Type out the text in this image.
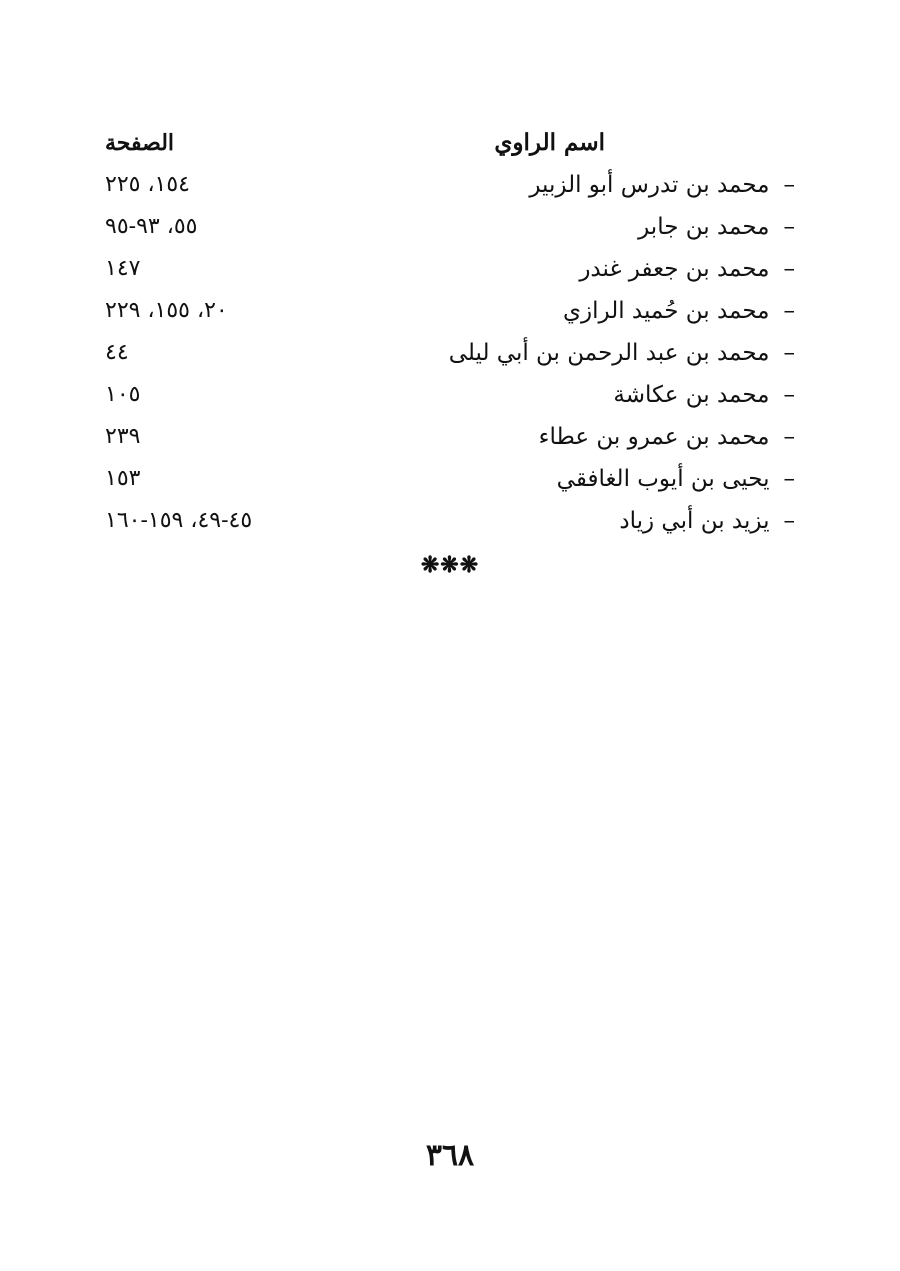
اسم الراوي
الصفحة
–محمد بن تدرس أبو الزبير
١٥٤، ٢٢٥
–محمد بن جابر
٥٥، ٩٣-٩٥
–محمد بن جعفر غندر
١٤٧
–محمد بن حُميد الرازي
٢٠، ١٥٥، ٢٢٩
–محمد بن عبد الرحمن بن أبي ليلى
٤٤
–محمد بن عكاشة
١٠٥
–محمد بن عمرو بن عطاء
٢٣٩
–يحيى بن أيوب الغافقي
١٥٣
–يزيد بن أبي زياد
٤٥-٤٩، ١٥٩-١٦٠
❋❋❋
٣٦٨
